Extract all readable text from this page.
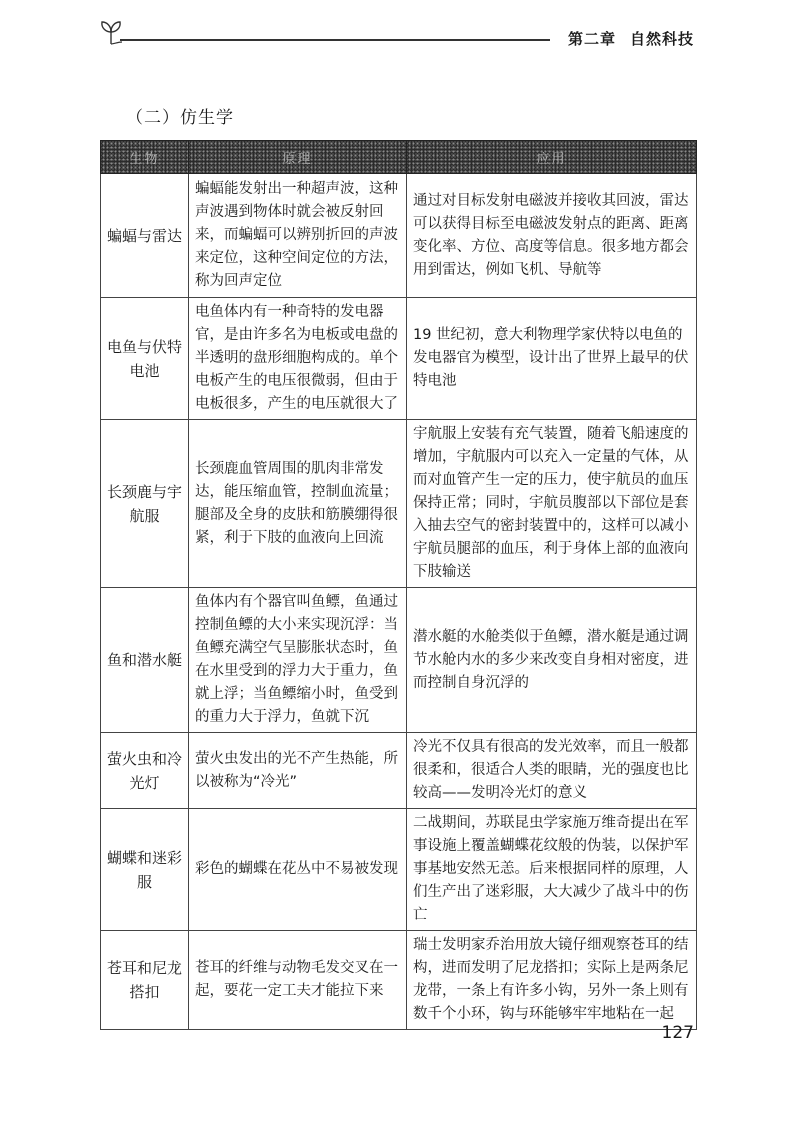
第二章 自然科技
（二）仿生学
生物	原理	应用
蝙蝠与雷达	蝙蝠能发射出一种超声波，这种声波遇到物体时就会被反射回来，而蝙蝠可以辨别折回的声波来定位，这种空间定位的方法，称为回声定位	通过对目标发射电磁波并接收其回波，雷达可以获得目标至电磁波发射点的距离、距离变化率、方位、高度等信息。很多地方都会用到雷达，例如飞机、导航等
电鱼与伏特电池	电鱼体内有一种奇特的发电器官，是由许多名为电板或电盘的半透明的盘形细胞构成的。单个电板产生的电压很微弱，但由于电板很多，产生的电压就很大了	19 世纪初，意大利物理学家伏特以电鱼的发电器官为模型，设计出了世界上最早的伏特电池
长颈鹿与宇航服	长颈鹿血管周围的肌肉非常发达，能压缩血管，控制血流量；腿部及全身的皮肤和筋膜绷得很紧，利于下肢的血液向上回流	宇航服上安装有充气装置，随着飞船速度的增加，宇航服内可以充入一定量的气体，从而对血管产生一定的压力，使宇航员的血压保持正常；同时，宇航员腹部以下部位是套入抽去空气的密封装置中的，这样可以减小宇航员腿部的血压，利于身体上部的血液向下肢输送
鱼和潜水艇	鱼体内有个器官叫鱼鳔，鱼通过控制鱼鳔的大小来实现沉浮：当鱼鳔充满空气呈膨胀状态时，鱼在水里受到的浮力大于重力，鱼就上浮；当鱼鳔缩小时，鱼受到的重力大于浮力，鱼就下沉	潜水艇的水舱类似于鱼鳔，潜水艇是通过调节水舱内水的多少来改变自身相对密度，进而控制自身沉浮的
萤火虫和冷光灯	萤火虫发出的光不产生热能，所以被称为“冷光”	冷光不仅具有很高的发光效率，而且一般都很柔和，很适合人类的眼睛，光的强度也比较高——发明冷光灯的意义
蝴蝶和迷彩服	彩色的蝴蝶在花丛中不易被发现	二战期间，苏联昆虫学家施万维奇提出在军事设施上覆盖蝴蝶花纹般的伪装，以保护军事基地安然无恙。后来根据同样的原理，人们生产出了迷彩服，大大减少了战斗中的伤亡
苍耳和尼龙搭扣	苍耳的纤维与动物毛发交叉在一起，要花一定工夫才能拉下来	瑞士发明家乔治用放大镜仔细观察苍耳的结构，进而发明了尼龙搭扣；实际上是两条尼龙带，一条上有许多小钩，另外一条上则有数千个小环，钩与环能够牢牢地粘在一起
127
